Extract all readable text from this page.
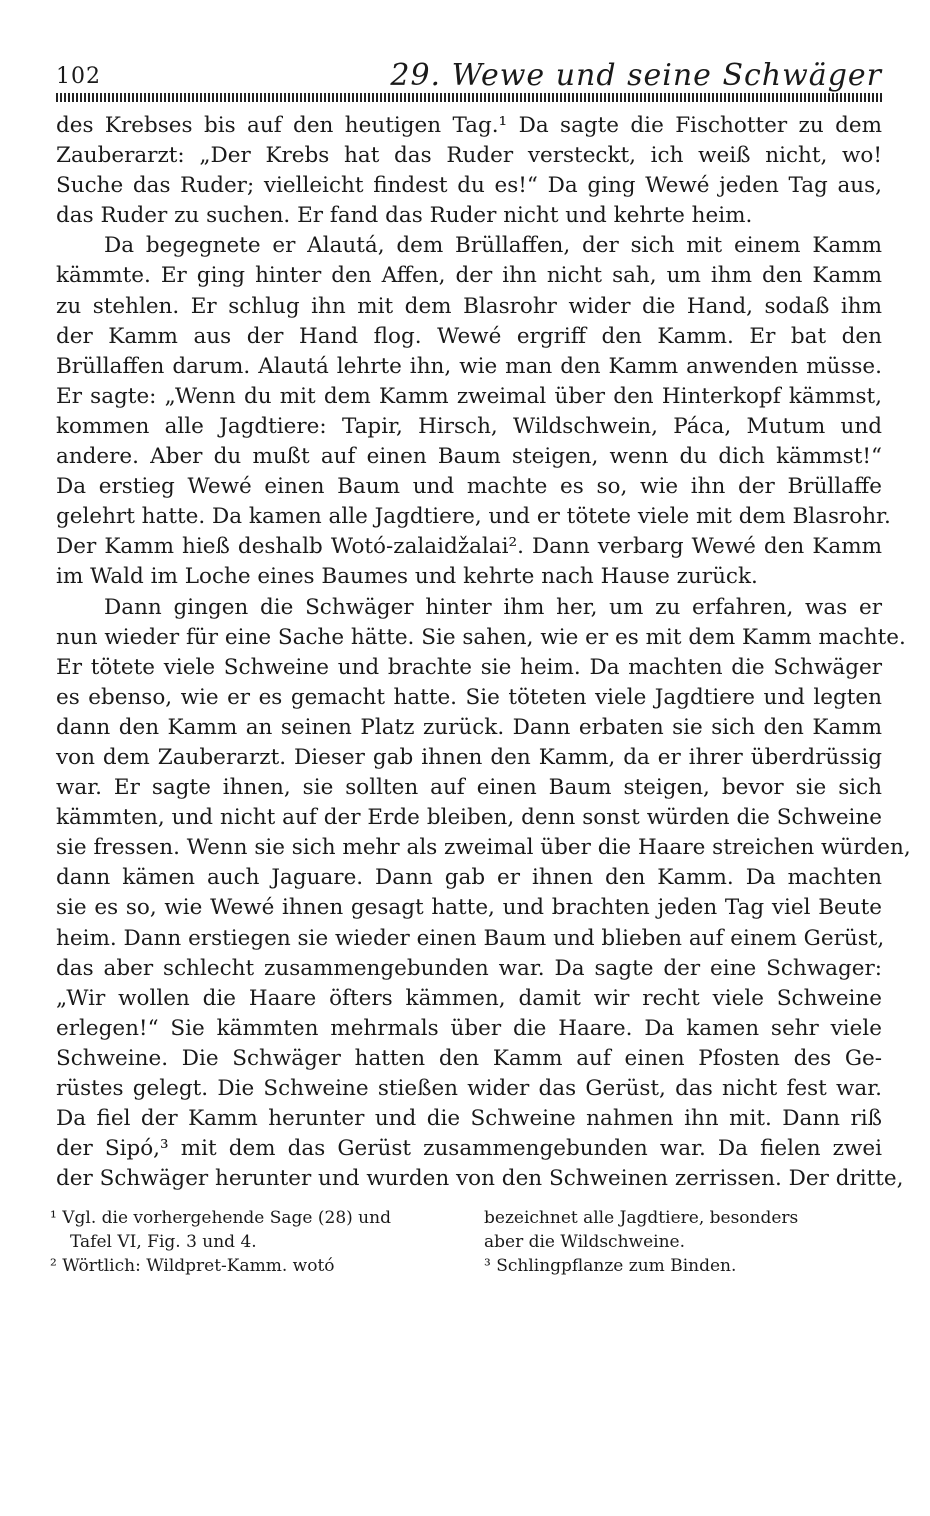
102	29. Wewe und seine Schwäger
des Krebses bis auf den heutigen Tag.¹ Da sagte die Fischotter zu dem
Zauberarzt: „Der Krebs hat das Ruder versteckt, ich weiß nicht, wo!
Suche das Ruder; vielleicht findest du es!“ Da ging Wewé jeden Tag aus,
das Ruder zu suchen. Er fand das Ruder nicht und kehrte heim.
Da begegnete er Alautá, dem Brüllaffen, der sich mit einem Kamm
kämmte. Er ging hinter den Affen, der ihn nicht sah, um ihm den Kamm
zu stehlen. Er schlug ihn mit dem Blasrohr wider die Hand, sodaß ihm
der Kamm aus der Hand flog. Wewé ergriff den Kamm. Er bat den
Brüllaffen darum. Alautá lehrte ihn, wie man den Kamm anwenden müsse.
Er sagte: „Wenn du mit dem Kamm zweimal über den Hinterkopf kämmst,
kommen alle Jagdtiere: Tapir, Hirsch, Wildschwein, Páca, Mutum und
andere. Aber du mußt auf einen Baum steigen, wenn du dich kämmst!“
Da erstieg Wewé einen Baum und machte es so, wie ihn der Brüllaffe
gelehrt hatte. Da kamen alle Jagdtiere, und er tötete viele mit dem Blasrohr.
Der Kamm hieß deshalb Wotó-zalaidžalai². Dann verbarg Wewé den Kamm
im Wald im Loche eines Baumes und kehrte nach Hause zurück.
Dann gingen die Schwäger hinter ihm her, um zu erfahren, was er
nun wieder für eine Sache hätte. Sie sahen, wie er es mit dem Kamm machte.
Er tötete viele Schweine und brachte sie heim. Da machten die Schwäger
es ebenso, wie er es gemacht hatte. Sie töteten viele Jagdtiere und legten
dann den Kamm an seinen Platz zurück. Dann erbaten sie sich den Kamm
von dem Zauberarzt. Dieser gab ihnen den Kamm, da er ihrer überdrüssig
war. Er sagte ihnen, sie sollten auf einen Baum steigen, bevor sie sich
kämmten, und nicht auf der Erde bleiben, denn sonst würden die Schweine
sie fressen. Wenn sie sich mehr als zweimal über die Haare streichen würden,
dann kämen auch Jaguare. Dann gab er ihnen den Kamm. Da machten
sie es so, wie Wewé ihnen gesagt hatte, und brachten jeden Tag viel Beute
heim. Dann erstiegen sie wieder einen Baum und blieben auf einem Gerüst,
das aber schlecht zusammengebunden war. Da sagte der eine Schwager:
„Wir wollen die Haare öfters kämmen, damit wir recht viele Schweine
erlegen!“ Sie kämmten mehrmals über die Haare. Da kamen sehr viele
Schweine. Die Schwäger hatten den Kamm auf einen Pfosten des Ge-
rüstes gelegt. Die Schweine stießen wider das Gerüst, das nicht fest war.
Da fiel der Kamm herunter und die Schweine nahmen ihn mit. Dann riß
der Sipó,³ mit dem das Gerüst zusammengebunden war. Da fielen zwei
der Schwäger herunter und wurden von den Schweinen zerrissen. Der dritte,
¹ Vgl. die vorhergehende Sage (28) und
Tafel VI, Fig. 3 und 4.
² Wörtlich: Wildpret-Kamm. wotó
bezeichnet alle Jagdtiere, besonders
aber die Wildschweine.
³ Schlingpflanze zum Binden.
